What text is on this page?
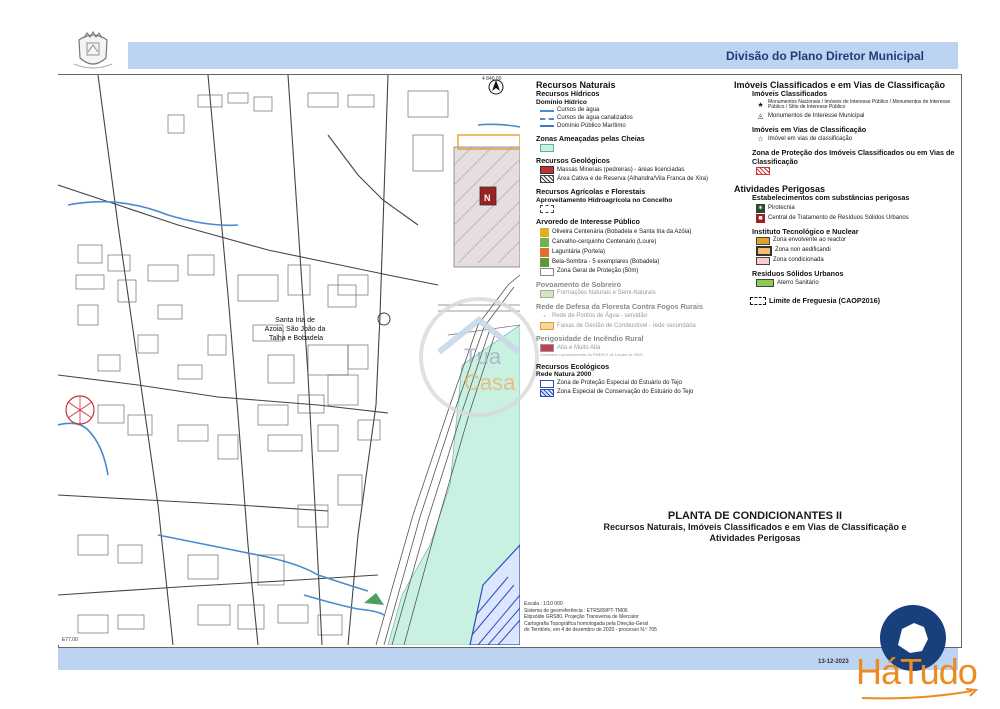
Divisão do Plano Diretor Municipal
N
Santa Iria de Azoia, São João da Talha e Bobadela
4 840.00
E77.00
Tua
Casa
Recursos Naturais
Recursos Hídricos
Domínio Hídrico
Cursos de água
Cursos de água canalizados
Domínio Público Marítimo
Zonas Ameaçadas pelas Cheias
Recursos Geológicos
Massas Minerais (pedreiras) - áreas licenciadas
Área Cativa e de Reserva (Alhandra/Vila Franca de Xira)
Recursos Agrícolas e Florestais
Aproveitamento Hidroagrícola no Concelho
Arvoredo de Interesse Público
Oliveira Centenária (Bobadela e Santa Iria da Azóia)
Carvalho-cerquinho Centenário (Loure)
Laguntária (Portela)
Bela-Sombra - 5 exemplares (Bobadela)
Zona Geral de Proteção (50m)
Povoamento de Sobreiro
Formações Naturais e Semi-Naturais
Rede de Defesa da Floresta Contra Fogos Rurais
◦	Rede de Pontos de Água - servidão
Faixas de Gestão de Combustível - rede secundária
Perigosidade de Incêndio Rural
Alta e Muito Alta
Conforme o procedimento do PMDFCI de Loures de 2020
Recursos Ecológicos
Rede Natura 2000
Zona de Proteção Especial do Estuário do Tejo
Zona Especial de Conservação do Estuário do Tejo
Imóveis Classificados e em Vias de Classificação
Imóveis Classificados
★
Monumentos Nacionais / Imóveis de Interesse Público / Monumentos de Interesse Público / Sítio de Interesse Público
◬ Monumentos de Interesse Municipal
Imóveis em Vias de Classificação
☆ Imóvel em vias de classificação
Zona de Proteção dos Imóveis Classificados ou em Vias de Classificação
Atividades Perigosas
Estabelecimentos com substâncias perigosas
✶ Pirotecnia
■ Central de Tratamento de Resíduos Sólidos Urbanos
Instituto Tecnológico e Nuclear
Zona envolvente ao reactor
Zona non aedificandi
Zona condicionada
Resíduos Sólidos Urbanos
Aterro Sanitário
Limite de Freguesia (CAOP2016)
PLANTA DE CONDICIONANTES II
Recursos Naturais, Imóveis Classificados e em Vias de Classificação e
Atividades Perigosas
Escala : 1/10 000
Sistema de georreferência : ETRS89/PT-TM06
Elipsóide GRS80, Projeção Transversa de Mercator
Cartografia Topográfica homologada pela Direção-Geral
do Território, em 4 de dezembro de 2020 - processo N.º 705
13-12-2023 HáTudo
